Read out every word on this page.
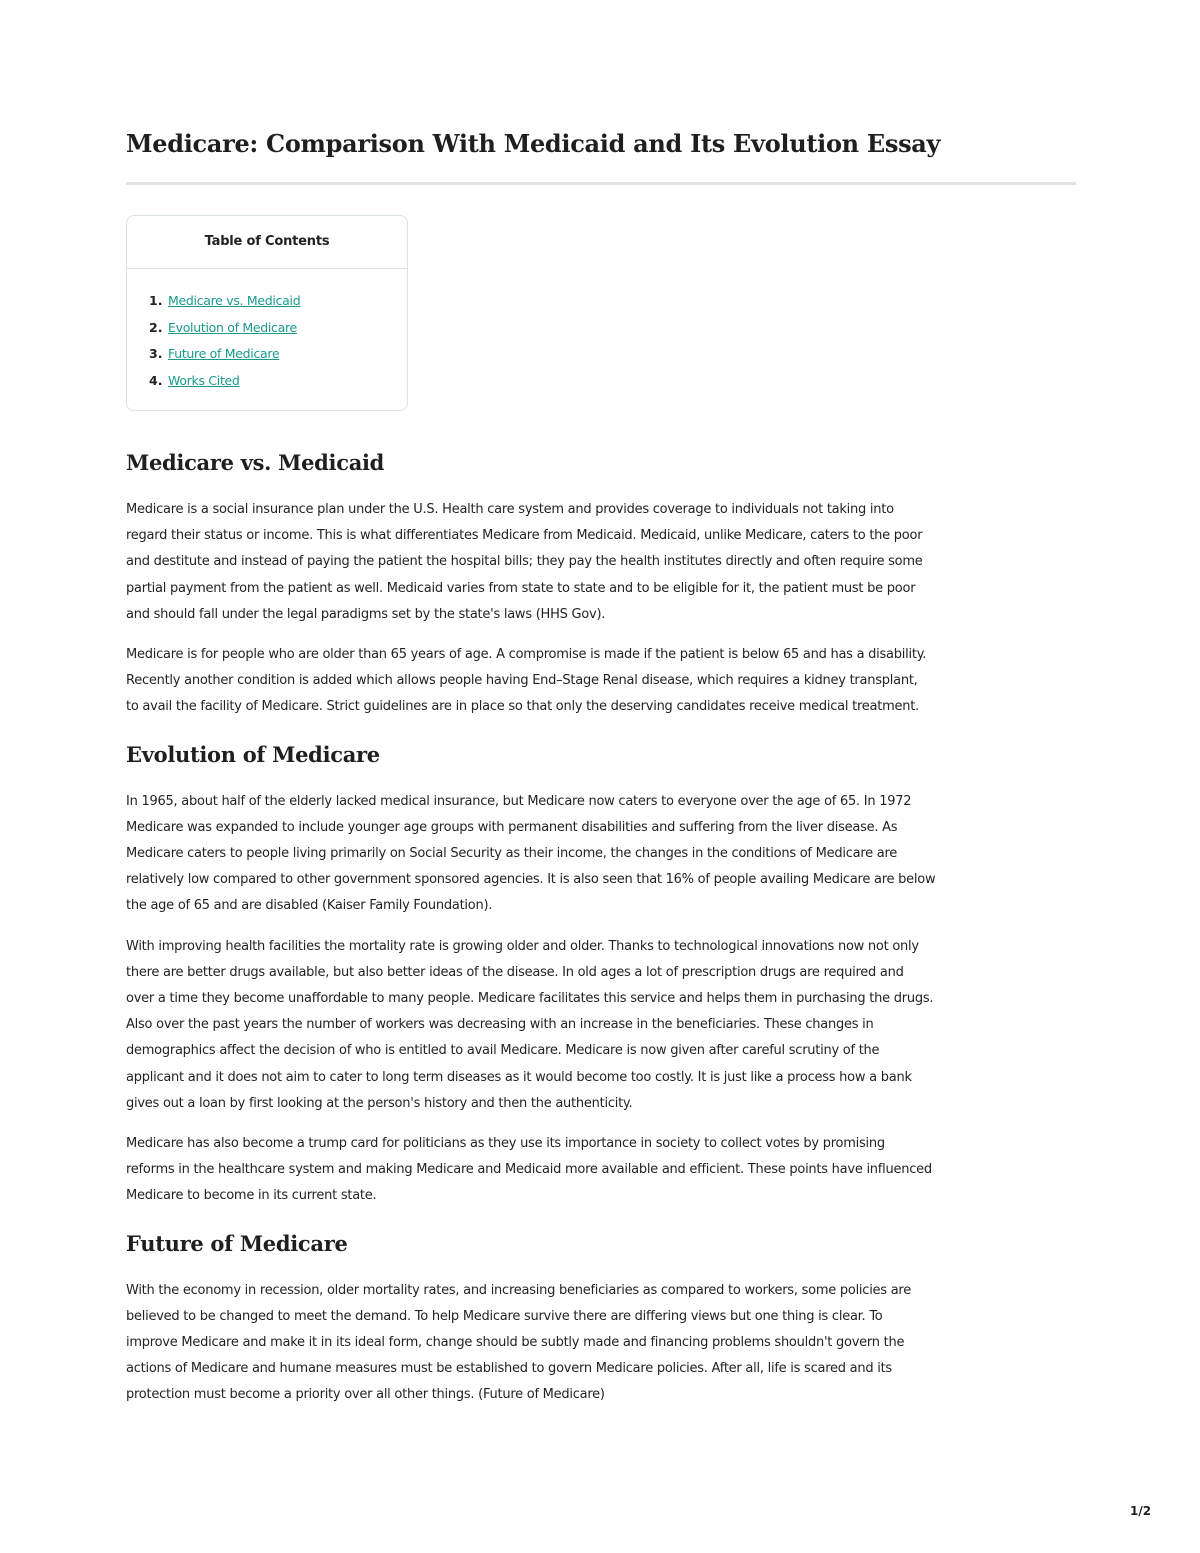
Medicare: Comparison With Medicaid and Its Evolution Essay
Table of Contents
1. Medicare vs. Medicaid
2. Evolution of Medicare
3. Future of Medicare
4. Works Cited
Medicare vs. Medicaid

Medicare is a social insurance plan under the U.S. Health care system and provides coverage to individuals not taking into
regard their status or income. This is what differentiates Medicare from Medicaid. Medicaid, unlike Medicare, caters to the poor
and destitute and instead of paying the patient the hospital bills; they pay the health institutes directly and often require some
partial payment from the patient as well. Medicaid varies from state to state and to be eligible for it, the patient must be poor
and should fall under the legal paradigms set by the state's laws (HHS Gov).

Medicare is for people who are older than 65 years of age. A compromise is made if the patient is below 65 and has a disability.
Recently another condition is added which allows people having End–Stage Renal disease, which requires a kidney transplant,
to avail the facility of Medicare. Strict guidelines are in place so that only the deserving candidates receive medical treatment.

Evolution of Medicare

In 1965, about half of the elderly lacked medical insurance, but Medicare now caters to everyone over the age of 65. In 1972
Medicare was expanded to include younger age groups with permanent disabilities and suffering from the liver disease. As
Medicare caters to people living primarily on Social Security as their income, the changes in the conditions of Medicare are
relatively low compared to other government sponsored agencies. It is also seen that 16% of people availing Medicare are below
the age of 65 and are disabled (Kaiser Family Foundation).

With improving health facilities the mortality rate is growing older and older. Thanks to technological innovations now not only
there are better drugs available, but also better ideas of the disease. In old ages a lot of prescription drugs are required and
over a time they become unaffordable to many people. Medicare facilitates this service and helps them in purchasing the drugs.
Also over the past years the number of workers was decreasing with an increase in the beneficiaries. These changes in
demographics affect the decision of who is entitled to avail Medicare. Medicare is now given after careful scrutiny of the
applicant and it does not aim to cater to long term diseases as it would become too costly. It is just like a process how a bank
gives out a loan by first looking at the person's history and then the authenticity.

Medicare has also become a trump card for politicians as they use its importance in society to collect votes by promising
reforms in the healthcare system and making Medicare and Medicaid more available and efficient. These points have influenced
Medicare to become in its current state.

Future of Medicare

With the economy in recession, older mortality rates, and increasing beneficiaries as compared to workers, some policies are
believed to be changed to meet the demand. To help Medicare survive there are differing views but one thing is clear. To
improve Medicare and make it in its ideal form, change should be subtly made and financing problems shouldn't govern the
actions of Medicare and humane measures must be established to govern Medicare policies. After all, life is scared and its
protection must become a priority over all other things. (Future of Medicare)

1/2
